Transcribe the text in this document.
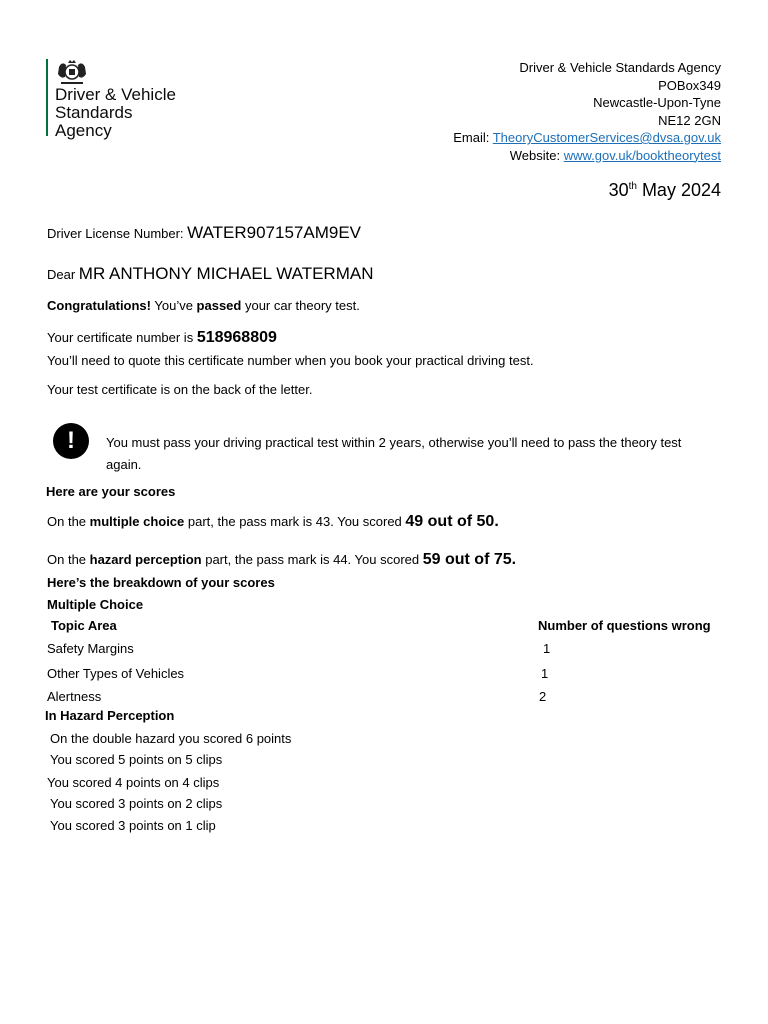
Driver & Vehicle
Standards
Agency
Driver & Vehicle Standards Agency
POBox349
Newcastle-Upon-Tyne
NE12 2GN
Email: TheoryCustomerServices@dvsa.gov.uk
Website: www.gov.uk/booktheorytest
30th May 2024
Driver License Number: WATER907157AM9EV
Dear MR ANTHONY MICHAEL WATERMAN
Congratulations! You’ve passed your car theory test.
Your certificate number is 518968809
You’ll need to quote this certificate number when you book your practical driving test.
Your test certificate is on the back of the letter.
!	You must pass your driving practical test within 2 years, otherwise you’ll need to pass the theory test again.
Here are your scores
On the multiple choice part, the pass mark is 43. You scored 49 out of 50.
On the hazard perception part, the pass mark is 44. You scored 59 out of 75.
Here’s the breakdown of your scores
Multiple Choice
Topic Area	Number of questions wrong
Safety Margins	1
Other Types of Vehicles	1
Alertness	2
In Hazard Perception
On the double hazard you scored 6 points
You scored 5 points on 5 clips
You scored 4 points on 4 clips
You scored 3 points on 2 clips
You scored 3 points on 1 clip
